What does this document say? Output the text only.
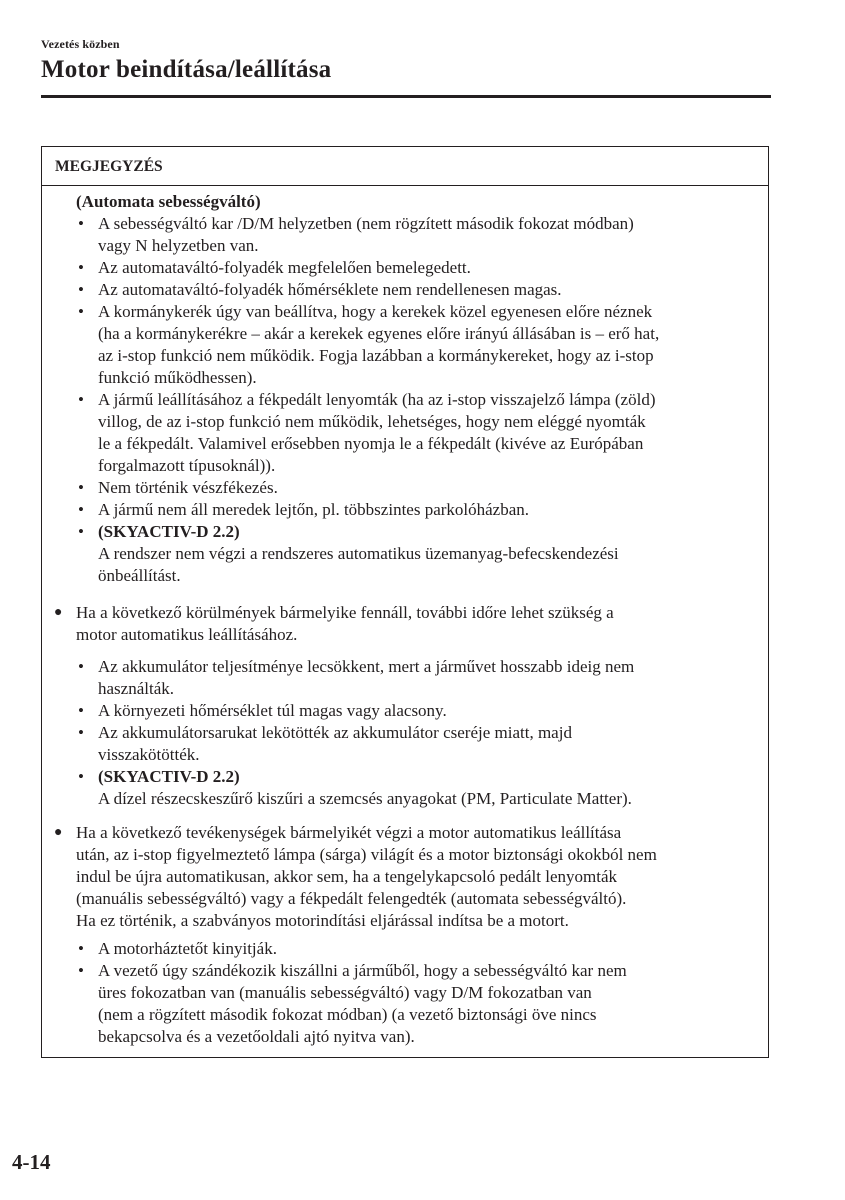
Vezetés közben
Motor beindítása/leállítása
MEGJEGYZÉS
(Automata sebességváltó)
• A sebességváltó kar /D/M helyzetben (nem rögzített második fokozat módban)
vagy N helyzetben van.
• Az automataváltó-folyadék megfelelően bemelegedett.
• Az automataváltó-folyadék hőmérséklete nem rendellenesen magas.
• A kormánykerék úgy van beállítva, hogy a kerekek közel egyenesen előre néznek
(ha a kormánykerékre – akár a kerekek egyenes előre irányú állásában is – erő hat,
az i-stop funkció nem működik. Fogja lazábban a kormánykereket, hogy az i-stop
funkció működhessen).
• A jármű leállításához a fékpedált lenyomták (ha az i-stop visszajelző lámpa (zöld)
villog, de az i-stop funkció nem működik, lehetséges, hogy nem eléggé nyomták
le a fékpedált. Valamivel erősebben nyomja le a fékpedált (kivéve az Európában
forgalmazott típusoknál)).
• Nem történik vészfékezés.
• A jármű nem áll meredek lejtőn, pl. többszintes parkolóházban.
• (SKYACTIV-D 2.2)
A rendszer nem végzi a rendszeres automatikus üzemanyag-befecskendezési
önbeállítást.
● Ha a következő körülmények bármelyike fennáll, további időre lehet szükség a
motor automatikus leállításához.
• Az akkumulátor teljesítménye lecsökkent, mert a járművet hosszabb ideig nem
használták.
• A környezeti hőmérséklet túl magas vagy alacsony.
• Az akkumulátorsarukat lekötötték az akkumulátor cseréje miatt, majd
visszakötötték.
• (SKYACTIV-D 2.2)
A dízel részecskeszűrő kiszűri a szemcsés anyagokat (PM, Particulate Matter).
● Ha a következő tevékenységek bármelyikét végzi a motor automatikus leállítása
után, az i-stop figyelmeztető lámpa (sárga) világít és a motor biztonsági okokból nem
indul be újra automatikusan, akkor sem, ha a tengelykapcsoló pedált lenyomták
(manuális sebességváltó) vagy a fékpedált felengedték (automata sebességváltó).
Ha ez történik, a szabványos motorindítási eljárással indítsa be a motort.
• A motorháztetőt kinyitják.
• A vezető úgy szándékozik kiszállni a járműből, hogy a sebességváltó kar nem
üres fokozatban van (manuális sebességváltó) vagy D/M fokozatban van
(nem a rögzített második fokozat módban) (a vezető biztonsági öve nincs
bekapcsolva és a vezetőoldali ajtó nyitva van).
4-14
